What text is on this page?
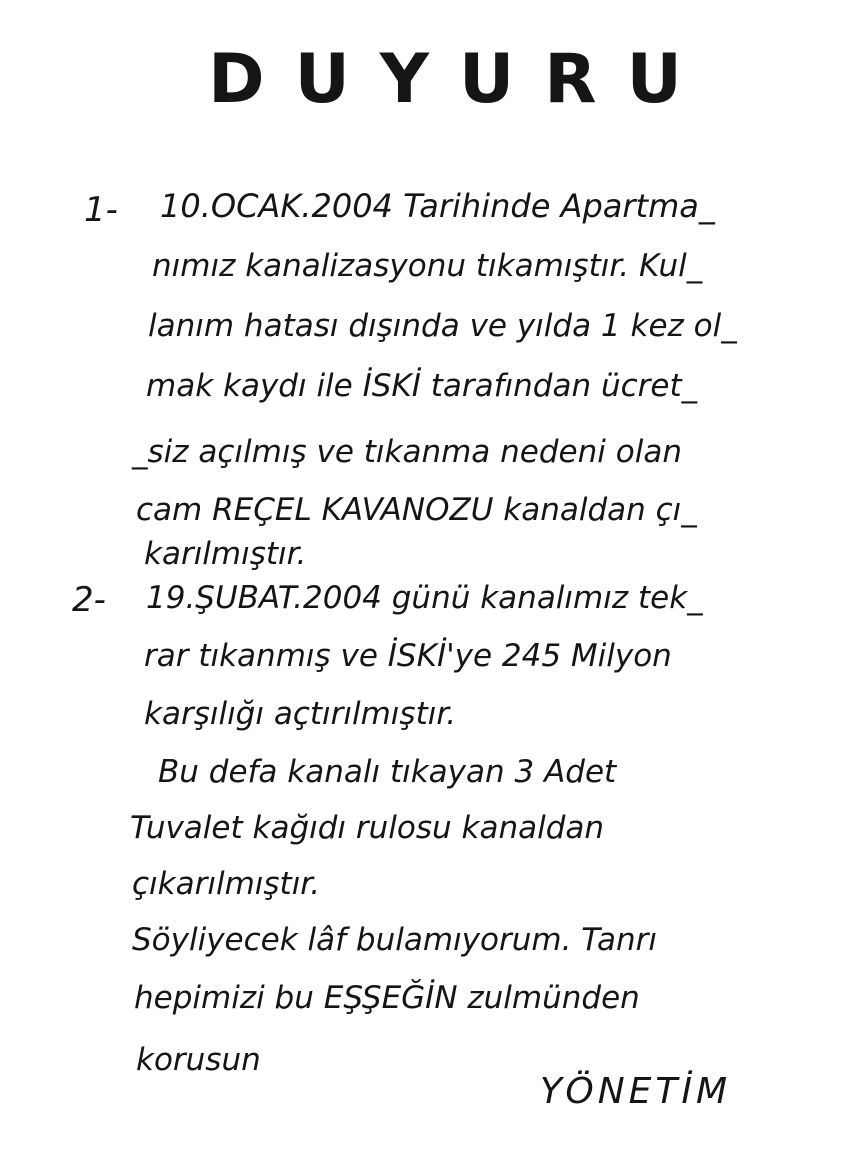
DUYURU
1- 10.OCAK.2004 Tarihinde Apartma_
nımız kanalizasyonu tıkamıştır. Kul_
lanım hatası dışında ve yılda 1 kez ol_
mak kaydı ile İSKİ tarafından ücret_
_siz açılmış ve tıkanma nedeni olan
cam REÇEL KAVANOZU kanaldan çı_
karılmıştır.
2- 19.ŞUBAT.2004 günü kanalımız tek_
rar tıkanmış ve İSKİ'ye 245 Milyon
karşılığı açtırılmıştır.
Bu defa kanalı tıkayan 3 Adet
Tuvalet kağıdı rulosu kanaldan
çıkarılmıştır.
Söyliyecek lâf bulamıyorum. Tanrı
hepimizi bu EŞŞEĞİN zulmünden
korusun
YÖNETİM
